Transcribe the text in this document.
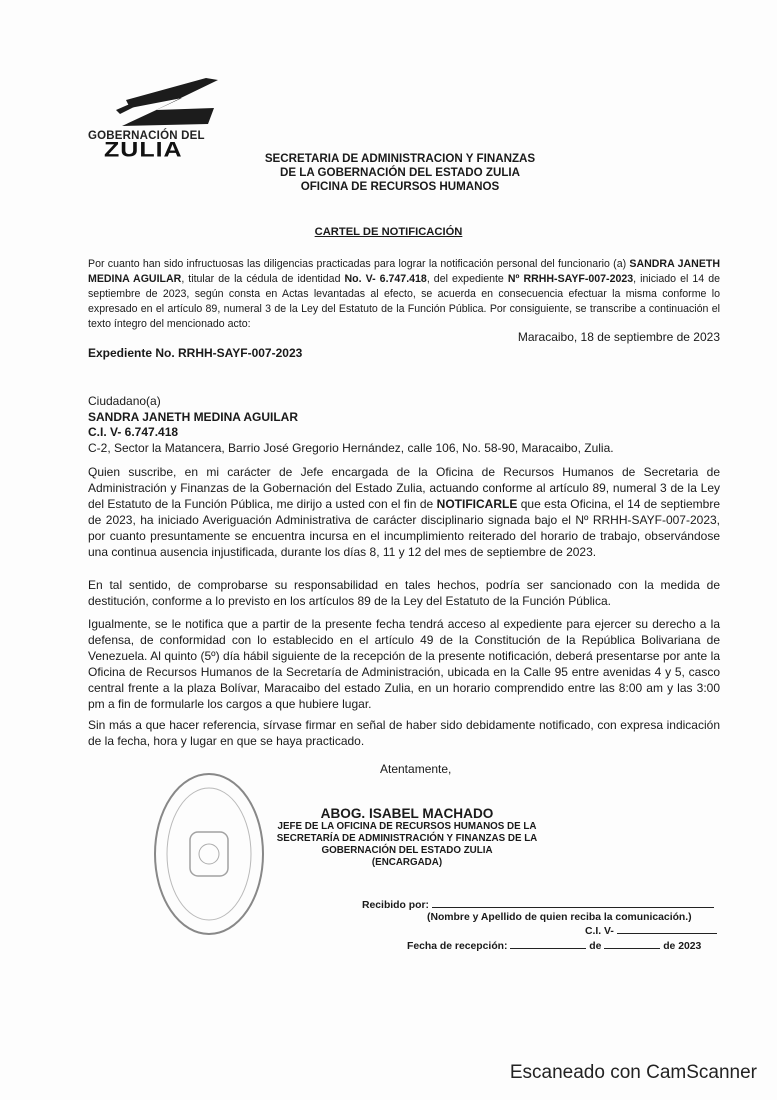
GOBERNACIÓN DEL
ZULIA	SECRETARIA DE ADMINISTRACION Y FINANZAS
DE LA GOBERNACIÓN DEL ESTADO ZULIA
OFICINA DE RECURSOS HUMANOS
CARTEL DE NOTIFICACIÓN
Por cuanto han sido infructuosas las diligencias practicadas para lograr la notificación personal del funcionario (a) SANDRA JANETH MEDINA AGUILAR, titular de la cédula de identidad No. V- 6.747.418, del expediente Nº RRHH-SAYF-007-2023, iniciado el 14 de septiembre de 2023, según consta en Actas levantadas al efecto, se acuerda en consecuencia efectuar la misma conforme lo expresado en el artículo 89, numeral 3 de la Ley del Estatuto de la Función Pública. Por consiguiente, se transcribe a continuación el texto íntegro del mencionado acto:
Maracaibo, 18 de septiembre de 2023
Expediente No. RRHH-SAYF-007-2023
Ciudadano(a)
SANDRA JANETH MEDINA AGUILAR
C.I. V- 6.747.418
C-2, Sector la Matancera, Barrio José Gregorio Hernández, calle 106, No. 58-90, Maracaibo, Zulia.
Quien suscribe, en mi carácter de Jefe encargada de la Oficina de Recursos Humanos de Secretaria de Administración y Finanzas de la Gobernación del Estado Zulia, actuando conforme al artículo 89, numeral 3 de la Ley del Estatuto de la Función Pública, me dirijo a usted con el fin de NOTIFICARLE que esta Oficina, el 14 de septiembre de 2023, ha iniciado Averiguación Administrativa de carácter disciplinario signada bajo el Nº RRHH-SAYF-007-2023, por cuanto presuntamente se encuentra incursa en el incumplimiento reiterado del horario de trabajo, observándose una continua ausencia injustificada, durante los días 8, 11 y 12 del mes de septiembre de 2023.
En tal sentido, de comprobarse su responsabilidad en tales hechos, podría ser sancionado con la medida de destitución, conforme a lo previsto en los artículos 89 de la Ley del Estatuto de la Función Pública.
Igualmente, se le notifica que a partir de la presente fecha tendrá acceso al expediente para ejercer su derecho a la defensa, de conformidad con lo establecido en el artículo 49 de la Constitución de la República Bolivariana de Venezuela. Al quinto (5º) día hábil siguiente de la recepción de la presente notificación, deberá presentarse por ante la Oficina de Recursos Humanos de la Secretaría de Administración, ubicada en la Calle 95 entre avenidas 4 y 5, casco central frente a la plaza Bolívar, Maracaibo del estado Zulia, en un horario comprendido entre las 8:00 am y las 3:00 pm a fin de formularle los cargos a que hubiere lugar.
Sin más a que hacer referencia, sírvase firmar en señal de haber sido debidamente notificado, con expresa indicación de la fecha, hora y lugar en que se haya practicado.
Atentamente,
ABOG. ISABEL MACHADO
JEFE DE LA OFICINA DE RECURSOS HUMANOS DE LA
SECRETARÍA DE ADMINISTRACIÓN Y FINANZAS DE LA
GOBERNACIÓN DEL ESTADO ZULIA
(ENCARGADA)
Recibido por:
(Nombre y Apellido de quien reciba la comunicación.)
C.I. V-
Fecha de recepción:	de	de 2023
Escaneado con CamScanner
